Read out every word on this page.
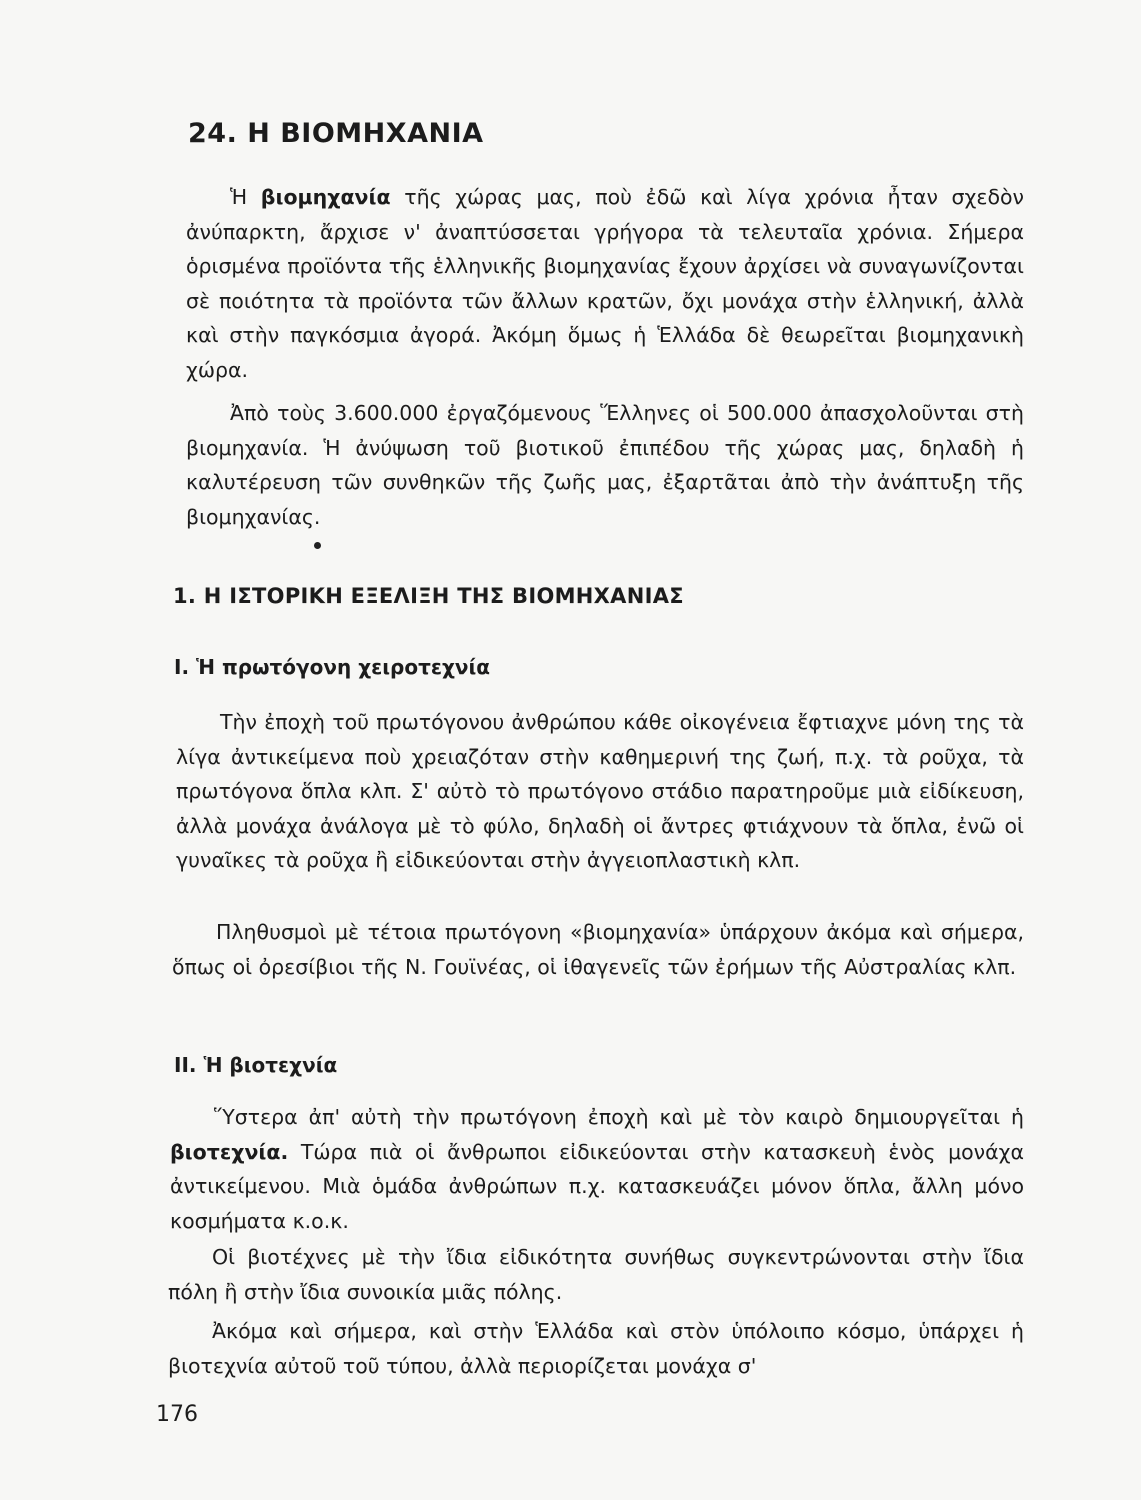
24. Η ΒΙΟΜΗΧΑΝΙΑ

Ἡ βιομηχανία τῆς χώρας μας, ποὺ ἐδῶ καὶ λίγα χρόνια ἦταν σχεδὸν ἀνύπαρκτη, ἄρχισε ν' ἀναπτύσσεται γρήγορα τὰ τελευταῖα χρόνια. Σήμερα ὁρισμένα προϊόντα τῆς ἑλληνικῆς βιομηχανίας ἔχουν ἀρχίσει νὰ συναγωνίζονται σὲ ποιότητα τὰ προϊόντα τῶν ἄλλων κρατῶν, ὄχι μονάχα στὴν ἑλληνική, ἀλλὰ καὶ στὴν παγκόσμια ἀγορά. Ἀκόμη ὅμως ἡ Ἑλλάδα δὲ θεωρεῖται βιομηχανικὴ χώρα.

Ἀπὸ τοὺς 3.600.000 ἐργαζόμενους Ἕλληνες οἱ 500.000 ἀπασχολοῦνται στὴ βιομηχανία. Ἡ ἀνύψωση τοῦ βιοτικοῦ ἐπιπέδου τῆς χώρας μας, δηλαδὴ ἡ καλυτέρευση τῶν συνθηκῶν τῆς ζωῆς μας, ἐξαρτᾶται ἀπὸ τὴν ἀνάπτυξη τῆς βιομηχανίας.

1. Η ΙΣΤΟΡΙΚΗ ΕΞΕΛΙΞΗ ΤΗΣ ΒΙΟΜΗΧΑΝΙΑΣ
I. Ἡ πρωτόγονη χειροτεχνία

Τὴν ἐποχὴ τοῦ πρωτόγονου ἀνθρώπου κάθε οἰκογένεια ἔφτιαχνε μόνη της τὰ λίγα ἀντικείμενα ποὺ χρειαζόταν στὴν καθημερινή της ζωή, π.χ. τὰ ροῦχα, τὰ πρωτόγονα ὅπλα κλπ. Σ' αὐτὸ τὸ πρωτόγονο στάδιο παρατηροῦμε μιὰ εἰδίκευση, ἀλλὰ μονάχα ἀνάλογα μὲ τὸ φύλο, δηλαδὴ οἱ ἄντρες φτιάχνουν τὰ ὅπλα, ἐνῶ οἱ γυναῖκες τὰ ροῦχα ἢ εἰδικεύονται στὴν ἀγγειοπλαστικὴ κλπ.

Πληθυσμοὶ μὲ τέτοια πρωτόγονη «βιομηχανία» ὑπάρχουν ἀκόμα καὶ σήμερα, ὅπως οἱ ὀρεσίβιοι τῆς Ν. Γουϊνέας, οἱ ἰθαγενεῖς τῶν ἐρήμων τῆς Αὐστραλίας κλπ.

II. Ἡ βιοτεχνία

Ὕστερα ἀπ' αὐτὴ τὴν πρωτόγονη ἐποχὴ καὶ μὲ τὸν καιρὸ δημιουργεῖται ἡ βιοτεχνία. Τώρα πιὰ οἱ ἄνθρωποι εἰδικεύονται στὴν κατασκευὴ ἑνὸς μονάχα ἀντικείμενου. Μιὰ ὁμάδα ἀνθρώπων π.χ. κατασκευάζει μόνον ὅπλα, ἄλλη μόνο κοσμήματα κ.ο.κ.

Οἱ βιοτέχνες μὲ τὴν ἴδια εἰδικότητα συνήθως συγκεντρώνονται στὴν ἴδια πόλη ἢ στὴν ἴδια συνοικία μιᾶς πόλης.

Ἀκόμα καὶ σήμερα, καὶ στὴν Ἑλλάδα καὶ στὸν ὑπόλοιπο κόσμο, ὑπάρχει ἡ βιοτεχνία αὐτοῦ τοῦ τύπου, ἀλλὰ περιορίζεται μονάχα σ'

176
